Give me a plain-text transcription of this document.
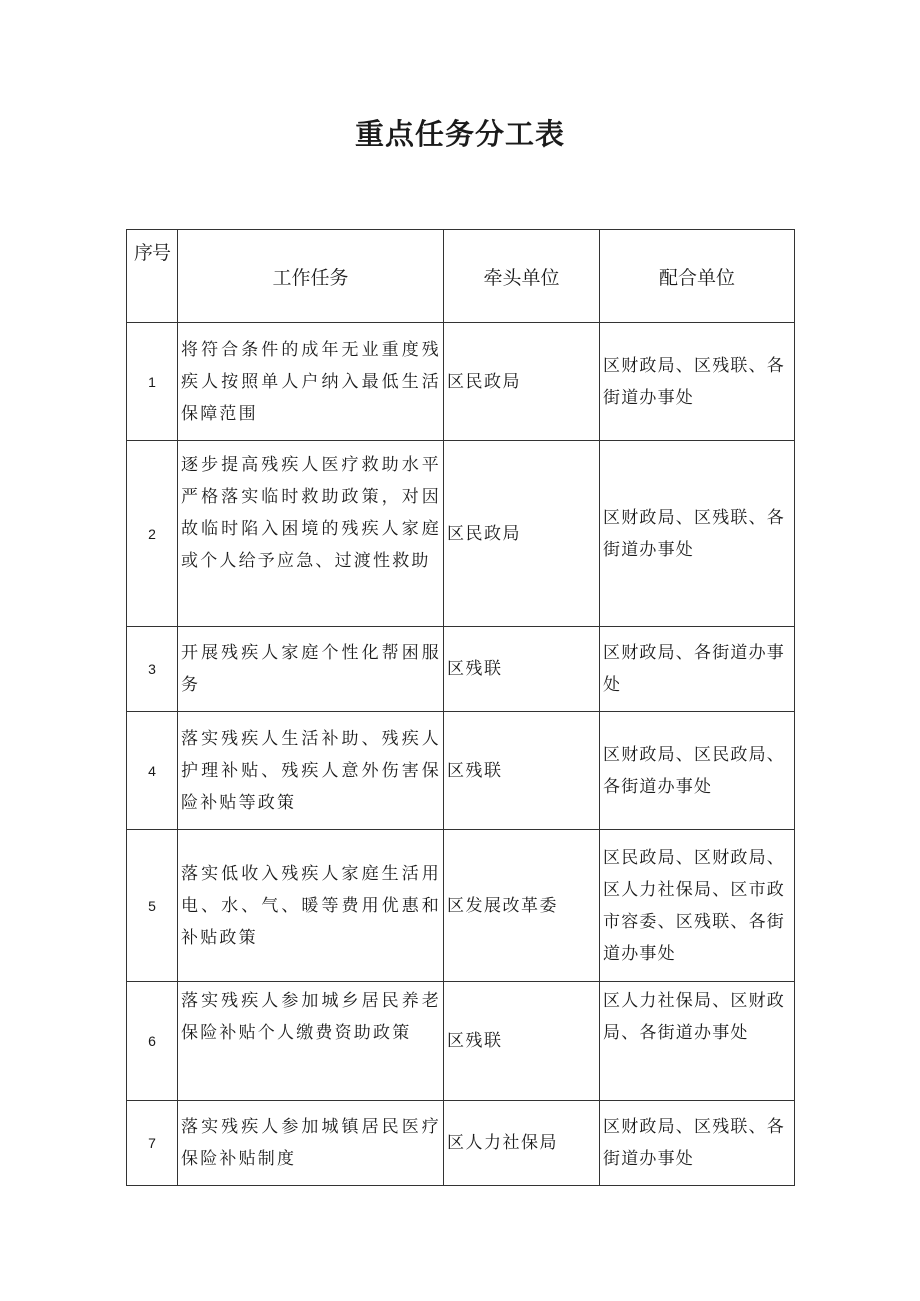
重点任务分工表
序号	工作任务	牵头单位	配合单位
1	将符合条件的成年无业重度残疾人按照单人户纳入最低生活保障范围	区民政局	区财政局、区残联、各街道办事处
2	逐步提高残疾人医疗救助水平严格落实临时救助政策，对因故临时陷入困境的残疾人家庭或个人给予应急、过渡性救助	区民政局	区财政局、区残联、各街道办事处
3	开展残疾人家庭个性化帮困服务	区残联	区财政局、各街道办事处
4	落实残疾人生活补助、残疾人护理补贴、残疾人意外伤害保险补贴等政策	区残联	区财政局、区民政局、各街道办事处
5	落实低收入残疾人家庭生活用电、水、气、暖等费用优惠和补贴政策	区发展改革委	区民政局、区财政局、区人力社保局、区市政市容委、区残联、各街道办事处
6	落实残疾人参加城乡居民养老保险补贴个人缴费资助政策	区残联	区人力社保局、区财政局、各街道办事处
7	落实残疾人参加城镇居民医疗保险补贴制度	区人力社保局	区财政局、区残联、各街道办事处
